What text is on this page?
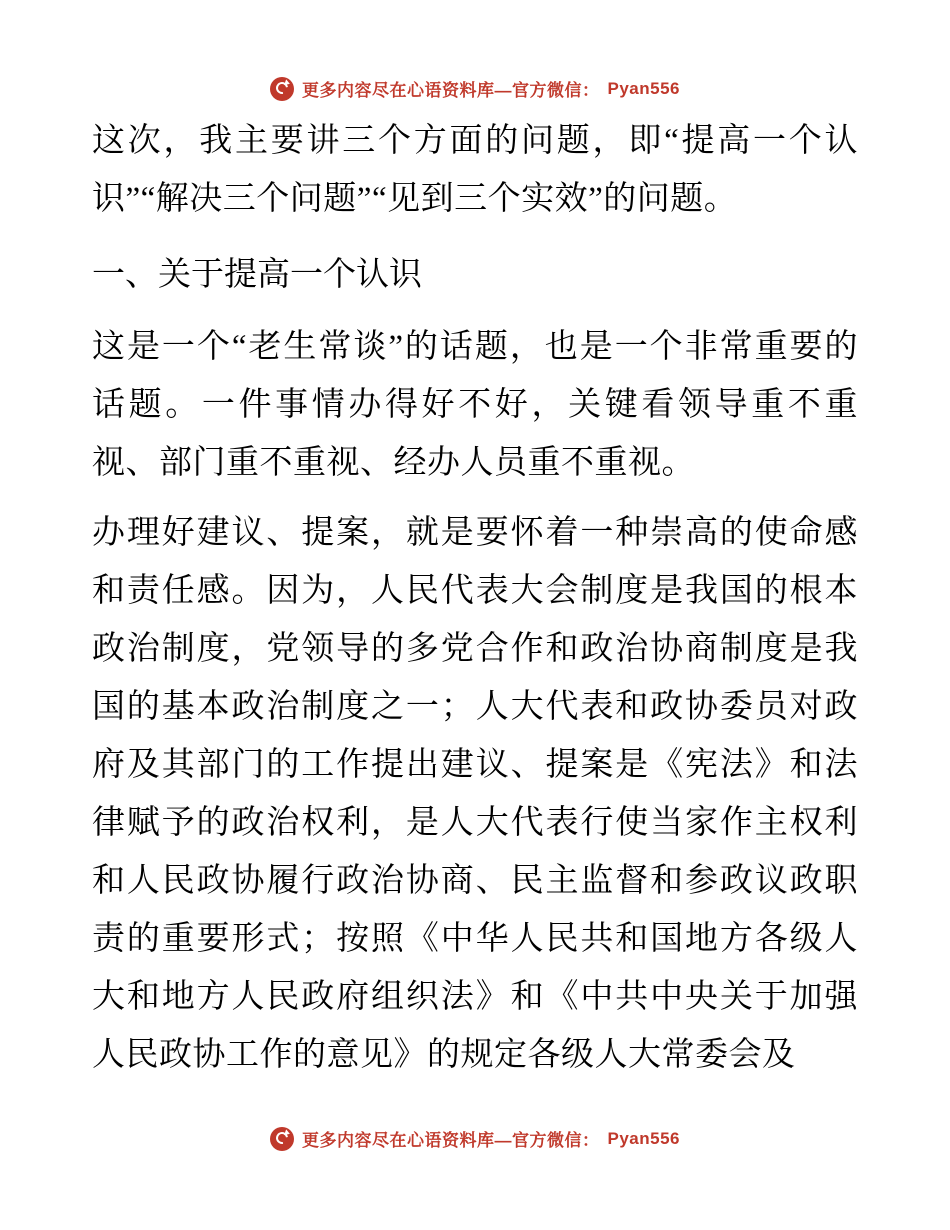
更多内容尽在心语资料库—官方微信： Pyan556

这次，我主要讲三个方面的问题，即“提高一个认识”“解决三个问题”“见到三个实效”的问题。

一、关于提高一个认识

这是一个“老生常谈”的话题，也是一个非常重要的话题。一件事情办得好不好，关键看领导重不重视、部门重不重视、经办人员重不重视。

办理好建议、提案，就是要怀着一种崇高的使命感和责任感。因为，人民代表大会制度是我国的根本政治制度，党领导的多党合作和政治协商制度是我国的基本政治制度之一；人大代表和政协委员对政府及其部门的工作提出建议、提案是《宪法》和法律赋予的政治权利，是人大代表行使当家作主权利和人民政协履行政治协商、民主监督和参政议政职责的重要形式；按照《中华人民共和国地方各级人大和地方人民政府组织法》和《中共中央关于加强人民政协工作的意见》的规定各级人大常委会及

更多内容尽在心语资料库—官方微信： Pyan556
